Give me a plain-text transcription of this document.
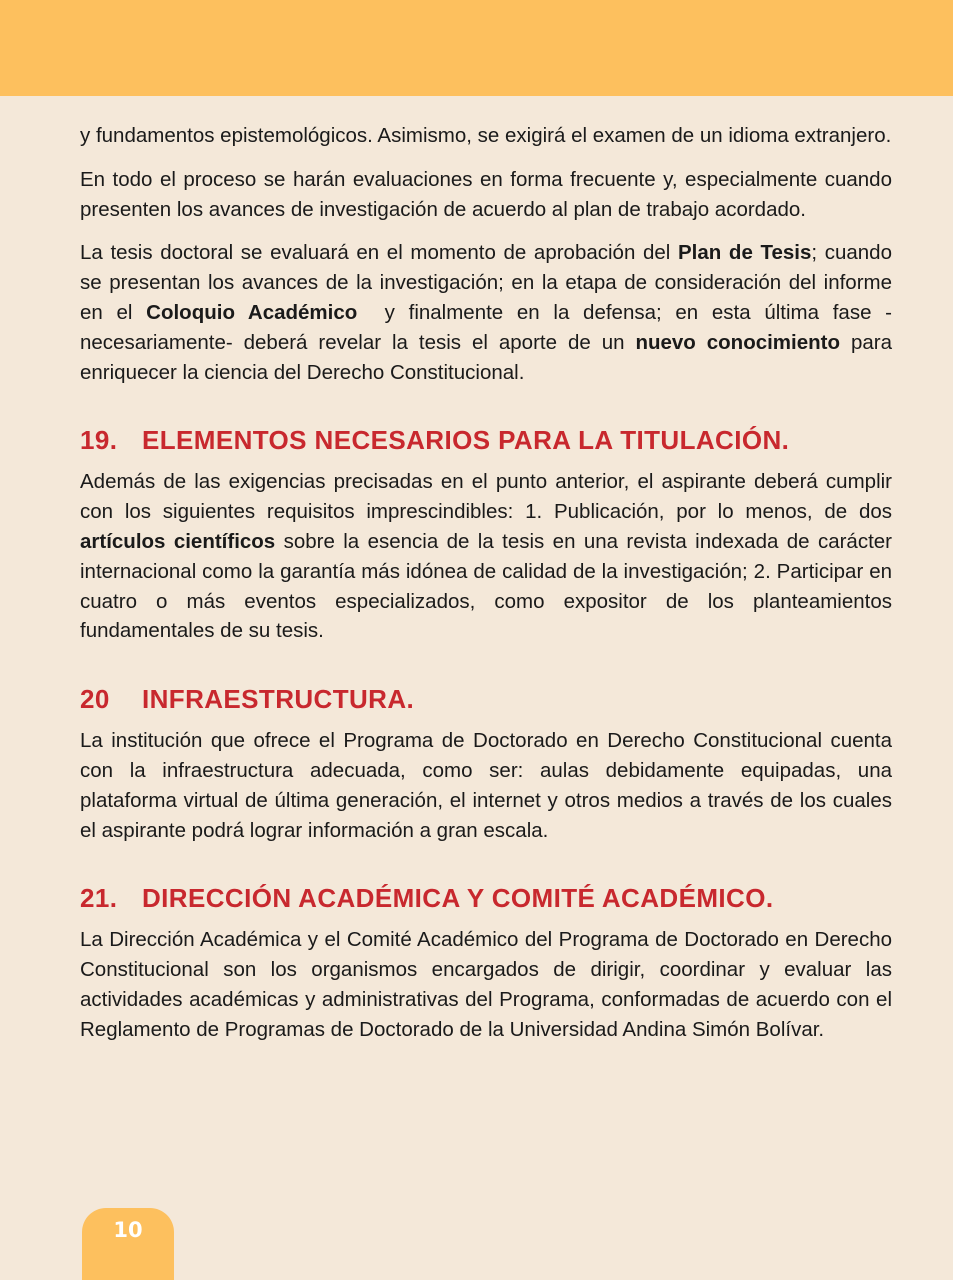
y fundamentos epistemológicos. Asimismo, se exigirá el examen de un idioma extranjero.

En todo el proceso se harán evaluaciones en forma frecuente y, especialmente cuando presenten los avances de investigación de acuerdo al plan de trabajo acordado.

La tesis doctoral se evaluará en el momento de aprobación del Plan de Tesis; cuando se presentan los avances de la investigación; en la etapa de consideración del informe en el Coloquio Académico  y finalmente en la defensa; en esta última fase -necesariamente- deberá revelar la tesis el aporte de un nuevo conocimiento para enriquecer la ciencia del Derecho Constitucional.

19. ELEMENTOS NECESARIOS PARA LA TITULACIÓN.

Además de las exigencias precisadas en el punto anterior, el aspirante deberá cumplir con los siguientes requisitos imprescindibles: 1. Publicación, por lo menos, de dos artículos científicos sobre la esencia de la tesis en una revista indexada de carácter internacional como la garantía más idónea de calidad de la investigación; 2. Participar en cuatro o más eventos especializados, como expositor de los planteamientos fundamentales de su tesis.

20	INFRAESTRUCTURA.

La institución que ofrece el Programa de Doctorado en Derecho Constitucional cuenta con la infraestructura adecuada, como ser: aulas debidamente equipadas, una plataforma virtual de última generación, el internet y otros medios a través de los cuales el aspirante podrá lograr información a gran escala.

21. DIRECCIÓN ACADÉMICA Y COMITÉ ACADÉMICO.

La Dirección Académica y el Comité Académico del Programa de Doctorado en Derecho Constitucional son los organismos encargados de dirigir, coordinar y evaluar las actividades académicas y administrativas del Programa, conformadas de acuerdo con el Reglamento de Programas de Doctorado de la Universidad Andina Simón Bolívar.

10
